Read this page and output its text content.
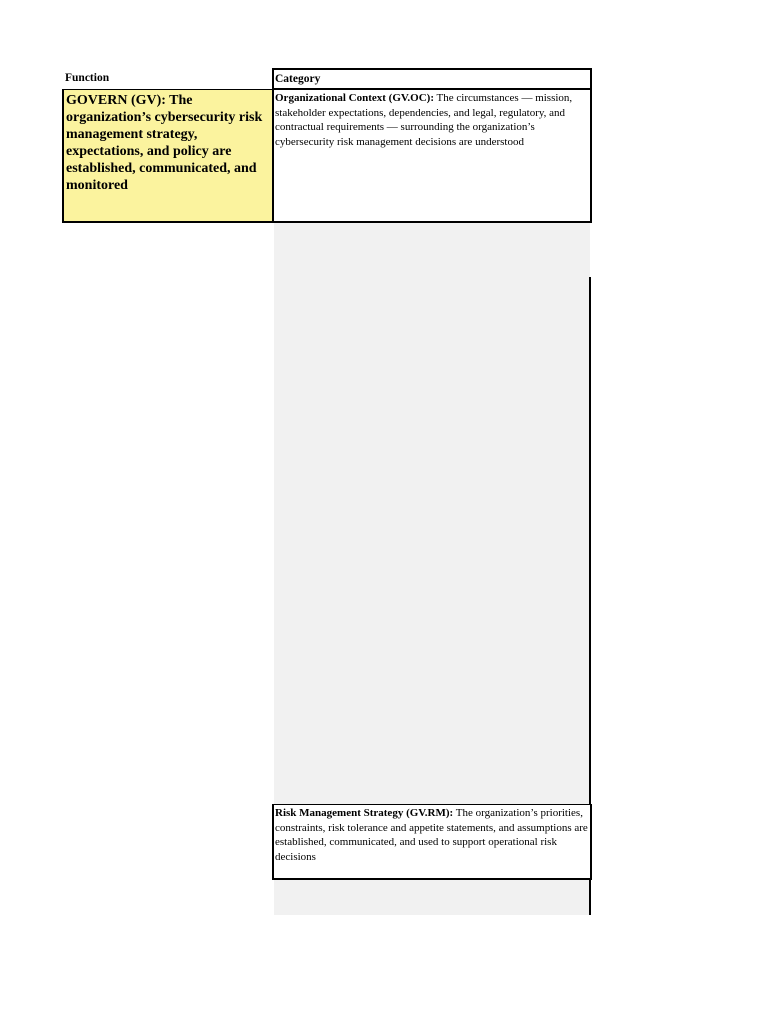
Function	Category

GOVERN (GV): The organization’s cybersecurity risk management strategy, expectations, and policy are established, communicated, and monitored

Organizational Context (GV.OC): The circumstances — mission, stakeholder expectations, dependencies, and legal, regulatory, and contractual requirements — surrounding the organization’s cybersecurity risk management decisions are understood

Risk Management Strategy (GV.RM): The organization’s priorities, constraints, risk tolerance and appetite statements, and assumptions are established, communicated, and used to support operational risk decisions
